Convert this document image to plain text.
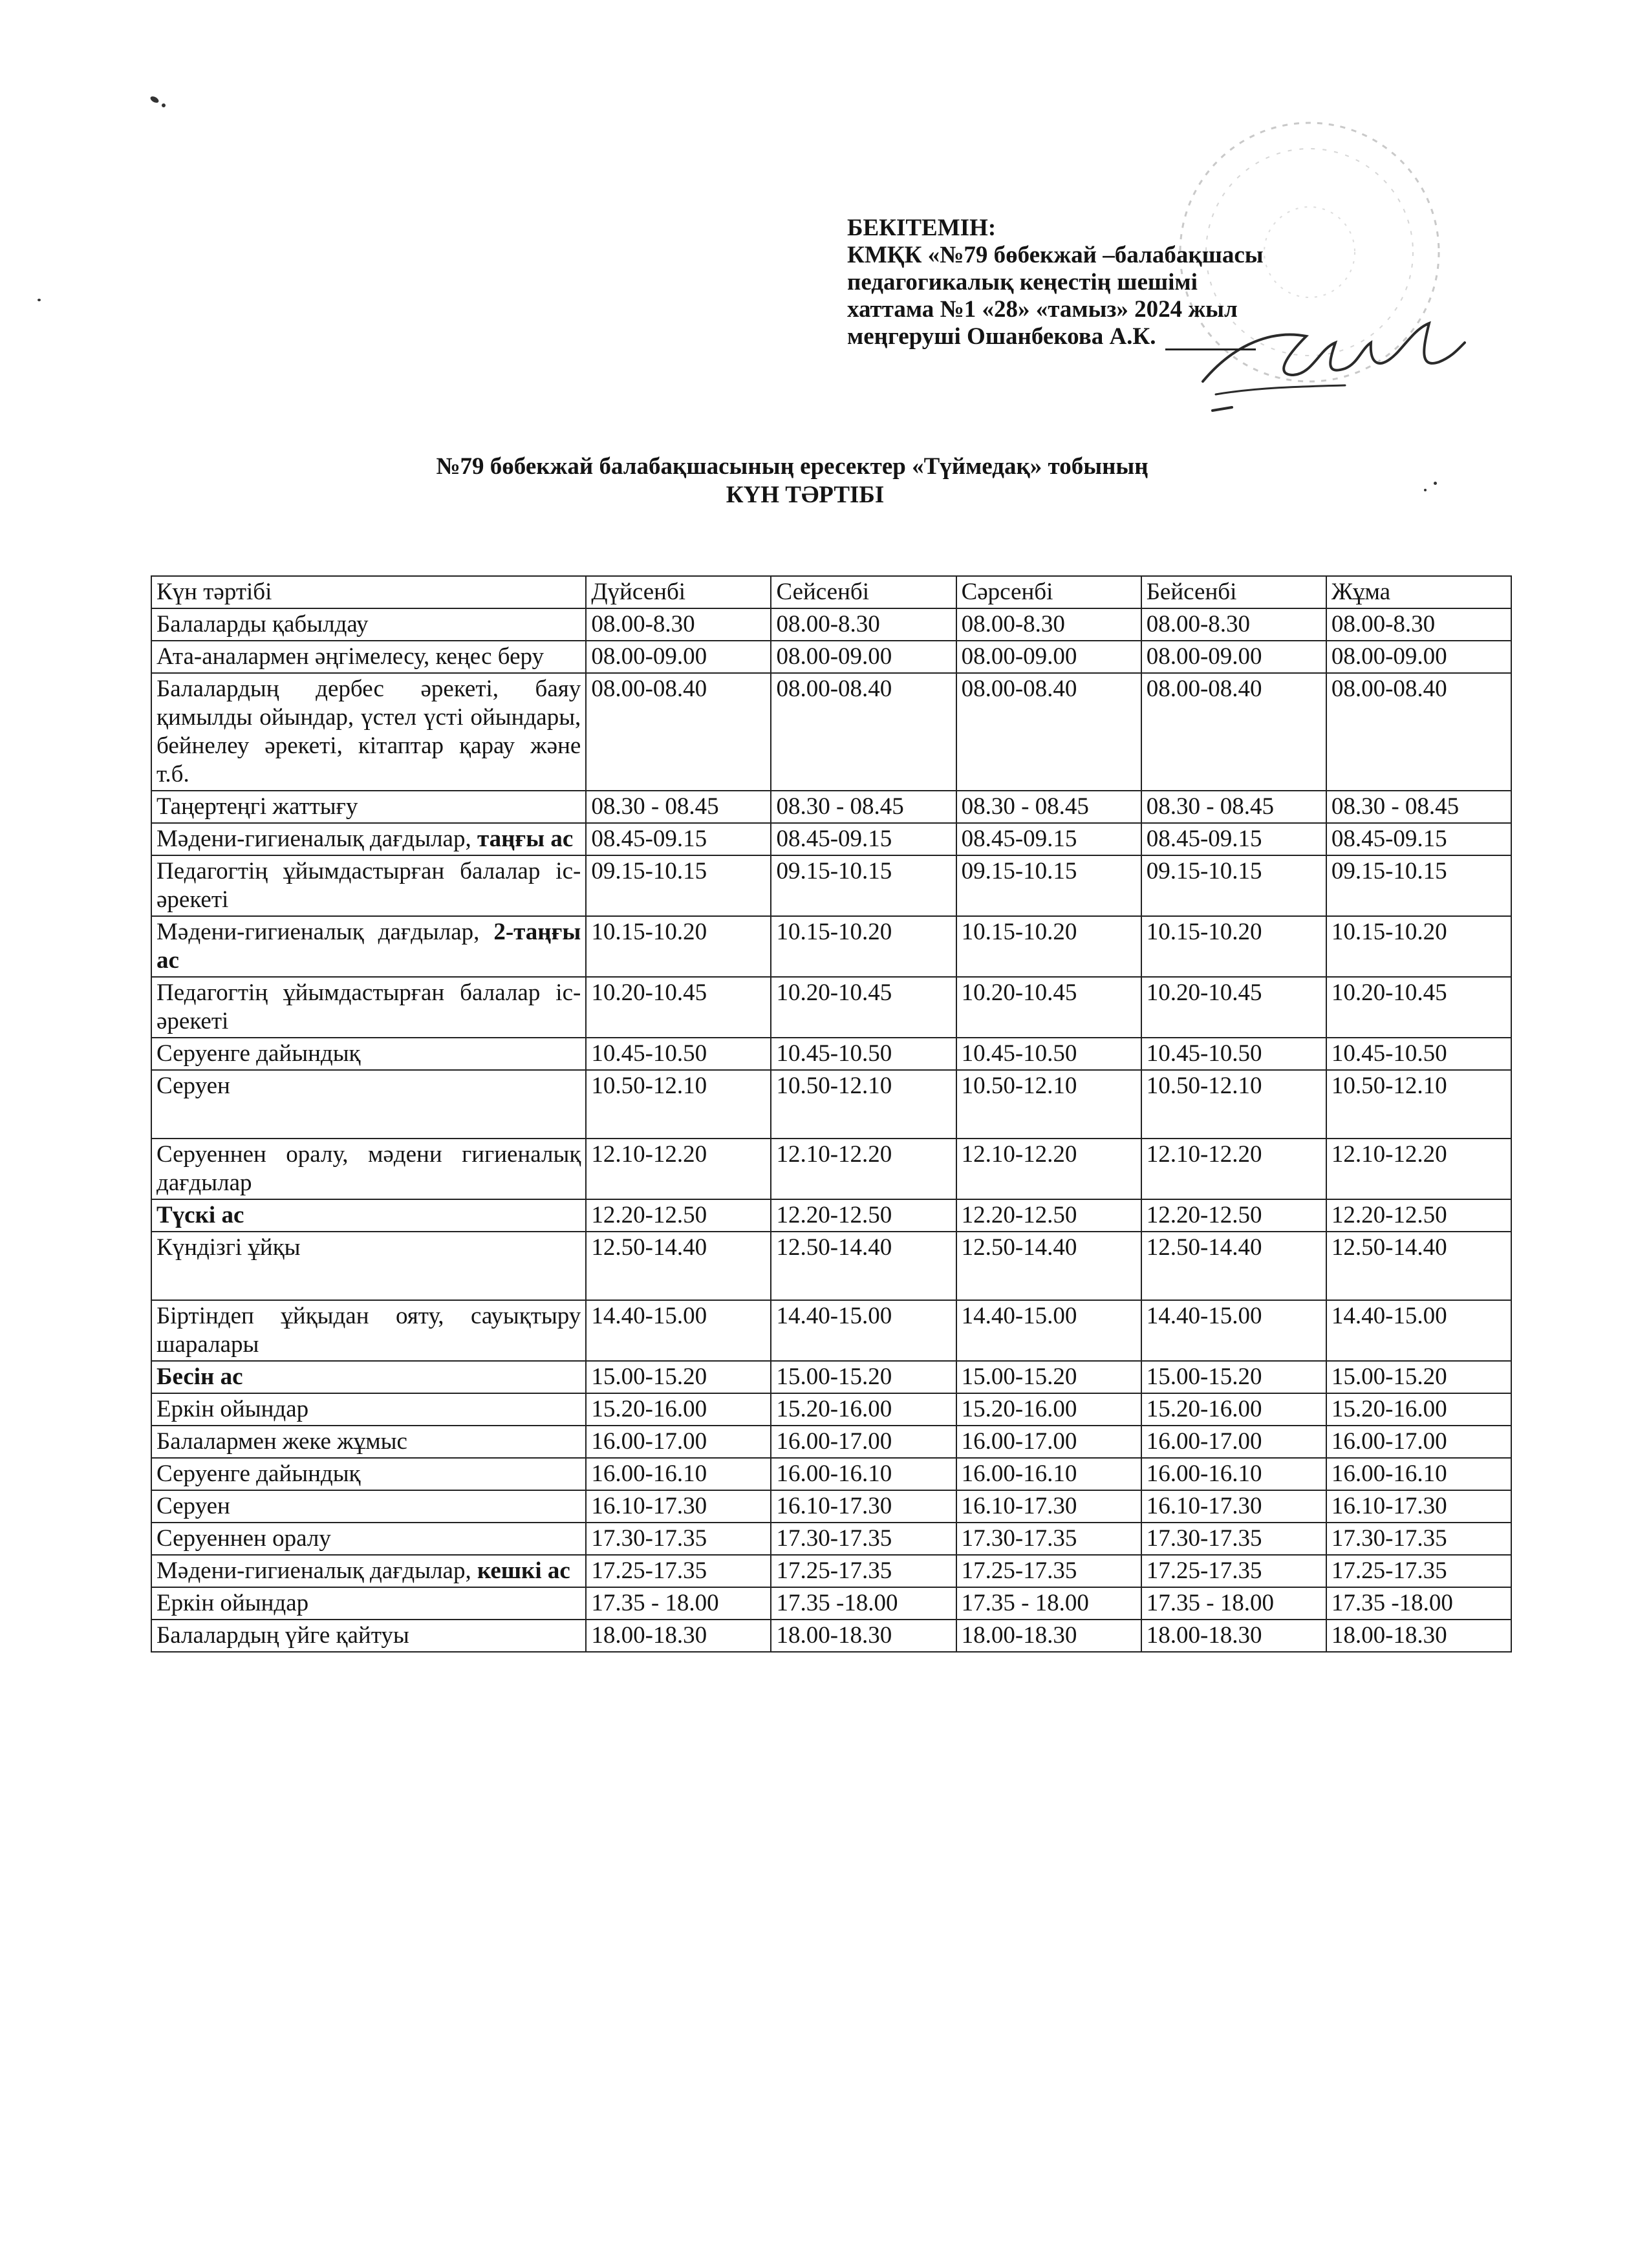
БЕКІТЕМІН:
КМҚК «№79 бөбекжай –балабақшасы
педагогикалық кеңестің шешімі
хаттама №1 «28» «тамыз» 2024 жыл
меңгеруші Ошанбекова А.К.
№79 бөбекжай балабақшасының ересектер «Түймедақ» тобының
КҮН ТӘРТІБІ
Күн тәртібі	Дүйсенбі	Сейсенбі	Сәрсенбі	Бейсенбі	Жұма
Балаларды қабылдау	08.00-8.30	08.00-8.30	08.00-8.30	08.00-8.30	08.00-8.30
Ата-аналармен әңгімелесу, кеңес беру	08.00-09.00	08.00-09.00	08.00-09.00	08.00-09.00	08.00-09.00
Балалардың дербес әрекеті, баяу қимылды ойындар, үстел үсті ойындары, бейнелеу әрекеті, кітаптар қарау және т.б.	08.00-08.40	08.00-08.40	08.00-08.40	08.00-08.40	08.00-08.40
Таңертеңгі жаттығу	08.30 - 08.45	08.30 - 08.45	08.30 - 08.45	08.30 - 08.45	08.30 - 08.45
Мәдени-гигиеналық дағдылар, таңғы ас	08.45-09.15	08.45-09.15	08.45-09.15	08.45-09.15	08.45-09.15
Педагогтің ұйымдастырған балалар іс-әрекеті	09.15-10.15	09.15-10.15	09.15-10.15	09.15-10.15	09.15-10.15
Мәдени-гигиеналық дағдылар, 2-таңғы ас	10.15-10.20	10.15-10.20	10.15-10.20	10.15-10.20	10.15-10.20
Педагогтің ұйымдастырған балалар іс-әрекеті	10.20-10.45	10.20-10.45	10.20-10.45	10.20-10.45	10.20-10.45
Серуенге дайындық	10.45-10.50	10.45-10.50	10.45-10.50	10.45-10.50	10.45-10.50
Серуен	10.50-12.10	10.50-12.10	10.50-12.10	10.50-12.10	10.50-12.10
Серуеннен оралу, мәдени гигиеналық дағдылар	12.10-12.20	12.10-12.20	12.10-12.20	12.10-12.20	12.10-12.20
Түскі ас	12.20-12.50	12.20-12.50	12.20-12.50	12.20-12.50	12.20-12.50
Күндізгі ұйқы	12.50-14.40	12.50-14.40	12.50-14.40	12.50-14.40	12.50-14.40
Біртіндеп ұйқыдан ояту, сауықтыру шаралары	14.40-15.00	14.40-15.00	14.40-15.00	14.40-15.00	14.40-15.00
Бесін ас	15.00-15.20	15.00-15.20	15.00-15.20	15.00-15.20	15.00-15.20
Еркін ойындар	15.20-16.00	15.20-16.00	15.20-16.00	15.20-16.00	15.20-16.00
Балалармен жеке жұмыс	16.00-17.00	16.00-17.00	16.00-17.00	16.00-17.00	16.00-17.00
Серуенге дайындық	16.00-16.10	16.00-16.10	16.00-16.10	16.00-16.10	16.00-16.10
Серуен	16.10-17.30	16.10-17.30	16.10-17.30	16.10-17.30	16.10-17.30
Серуеннен оралу	17.30-17.35	17.30-17.35	17.30-17.35	17.30-17.35	17.30-17.35
Мәдени-гигиеналық дағдылар, кешкі ас	17.25-17.35	17.25-17.35	17.25-17.35	17.25-17.35	17.25-17.35
Еркін ойындар	17.35 - 18.00	17.35 -18.00	17.35 - 18.00	17.35 - 18.00	17.35 -18.00
Балалардың үйге қайтуы	18.00-18.30	18.00-18.30	18.00-18.30	18.00-18.30	18.00-18.30
